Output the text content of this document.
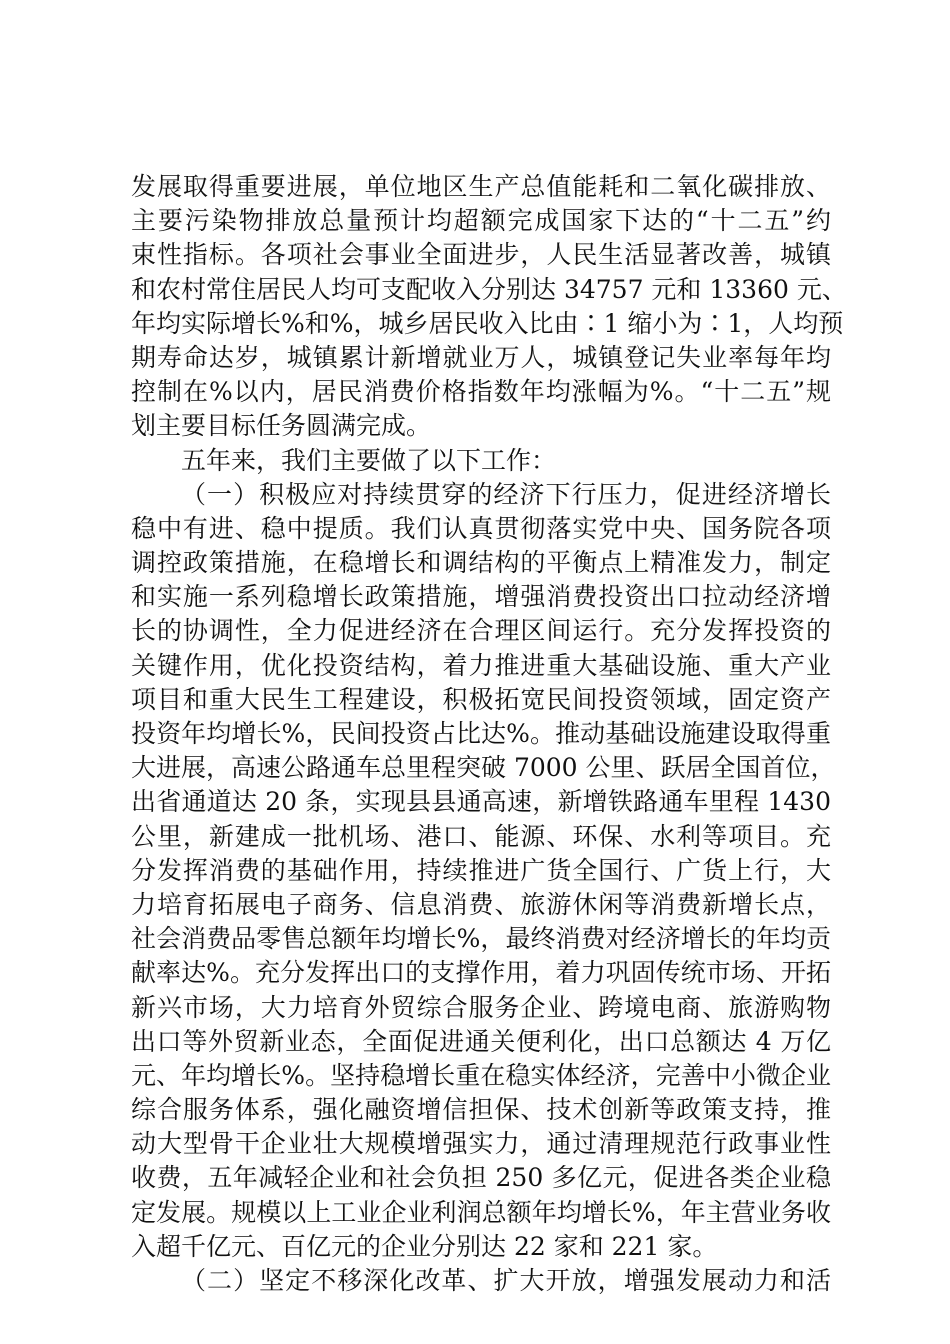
发展取得重要进展，单位地区生产总值能耗和二氧化碳排放、
主要污染物排放总量预计均超额完成国家下达的“十二五”约
束性指标。各项社会事业全面进步，人民生活显著改善，城镇
和农村常住居民人均可支配收入分别达 34757 元和 13360 元、
年均实际增长%和%，城乡居民收入比由∶1 缩小为∶1，人均预
期寿命达岁，城镇累计新增就业万人，城镇登记失业率每年均
控制在%以内，居民消费价格指数年均涨幅为%。“十二五”规
划主要目标任务圆满完成。
五年来，我们主要做了以下工作：
（一）积极应对持续贯穿的经济下行压力，促进经济增长
稳中有进、稳中提质。我们认真贯彻落实党中央、国务院各项
调控政策措施，在稳增长和调结构的平衡点上精准发力，制定
和实施一系列稳增长政策措施，增强消费投资出口拉动经济增
长的协调性，全力促进经济在合理区间运行。充分发挥投资的
关键作用，优化投资结构，着力推进重大基础设施、重大产业
项目和重大民生工程建设，积极拓宽民间投资领域，固定资产
投资年均增长%，民间投资占比达%。推动基础设施建设取得重
大进展，高速公路通车总里程突破 7000 公里、跃居全国首位，
出省通道达 20 条，实现县县通高速，新增铁路通车里程 1430
公里，新建成一批机场、港口、能源、环保、水利等项目。充
分发挥消费的基础作用，持续推进广货全国行、广货上行，大
力培育拓展电子商务、信息消费、旅游休闲等消费新增长点，
社会消费品零售总额年均增长%，最终消费对经济增长的年均贡
献率达%。充分发挥出口的支撑作用，着力巩固传统市场、开拓
新兴市场，大力培育外贸综合服务企业、跨境电商、旅游购物
出口等外贸新业态，全面促进通关便利化，出口总额达 4 万亿
元、年均增长%。坚持稳增长重在稳实体经济，完善中小微企业
综合服务体系，强化融资增信担保、技术创新等政策支持，推
动大型骨干企业壮大规模增强实力，通过清理规范行政事业性
收费，五年减轻企业和社会负担 250 多亿元，促进各类企业稳
定发展。规模以上工业企业利润总额年均增长%，年主营业务收
入超千亿元、百亿元的企业分别达 22 家和 221 家。
（二）坚定不移深化改革、扩大开放，增强发展动力和活
